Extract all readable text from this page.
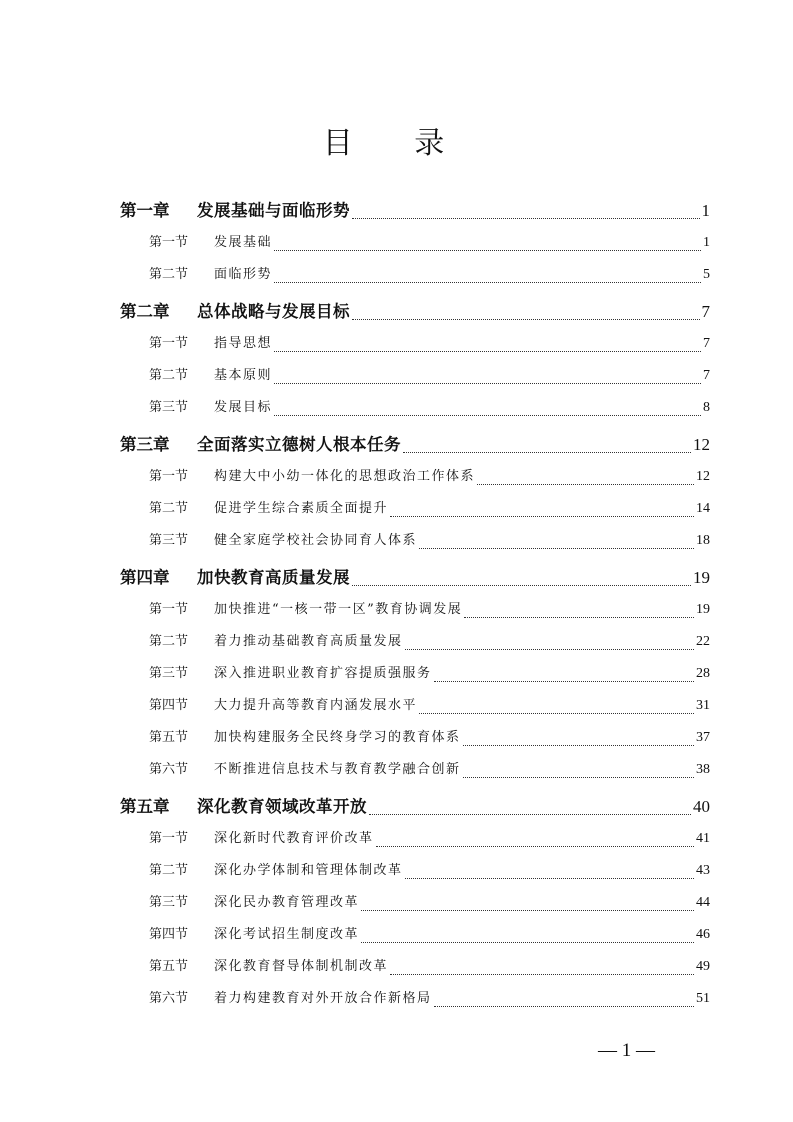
目 录
第一章	发展基础与面临形势	1
第一节	发展基础	1
第二节	面临形势	5
第二章	总体战略与发展目标	7
第一节	指导思想	7
第二节	基本原则	7
第三节	发展目标	8
第三章	全面落实立德树人根本任务	12
第一节	构建大中小幼一体化的思想政治工作体系	12
第二节	促进学生综合素质全面提升	14
第三节	健全家庭学校社会协同育人体系	18
第四章	加快教育高质量发展	19
第一节	加快推进“一核一带一区”教育协调发展	19
第二节	着力推动基础教育高质量发展	22
第三节	深入推进职业教育扩容提质强服务	28
第四节	大力提升高等教育内涵发展水平	31
第五节	加快构建服务全民终身学习的教育体系	37
第六节	不断推进信息技术与教育教学融合创新	38
第五章	深化教育领域改革开放	40
第一节	深化新时代教育评价改革	41
第二节	深化办学体制和管理体制改革	43
第三节	深化民办教育管理改革	44
第四节	深化考试招生制度改革	46
第五节	深化教育督导体制机制改革	49
第六节	着力构建教育对外开放合作新格局	51
— 1 —
